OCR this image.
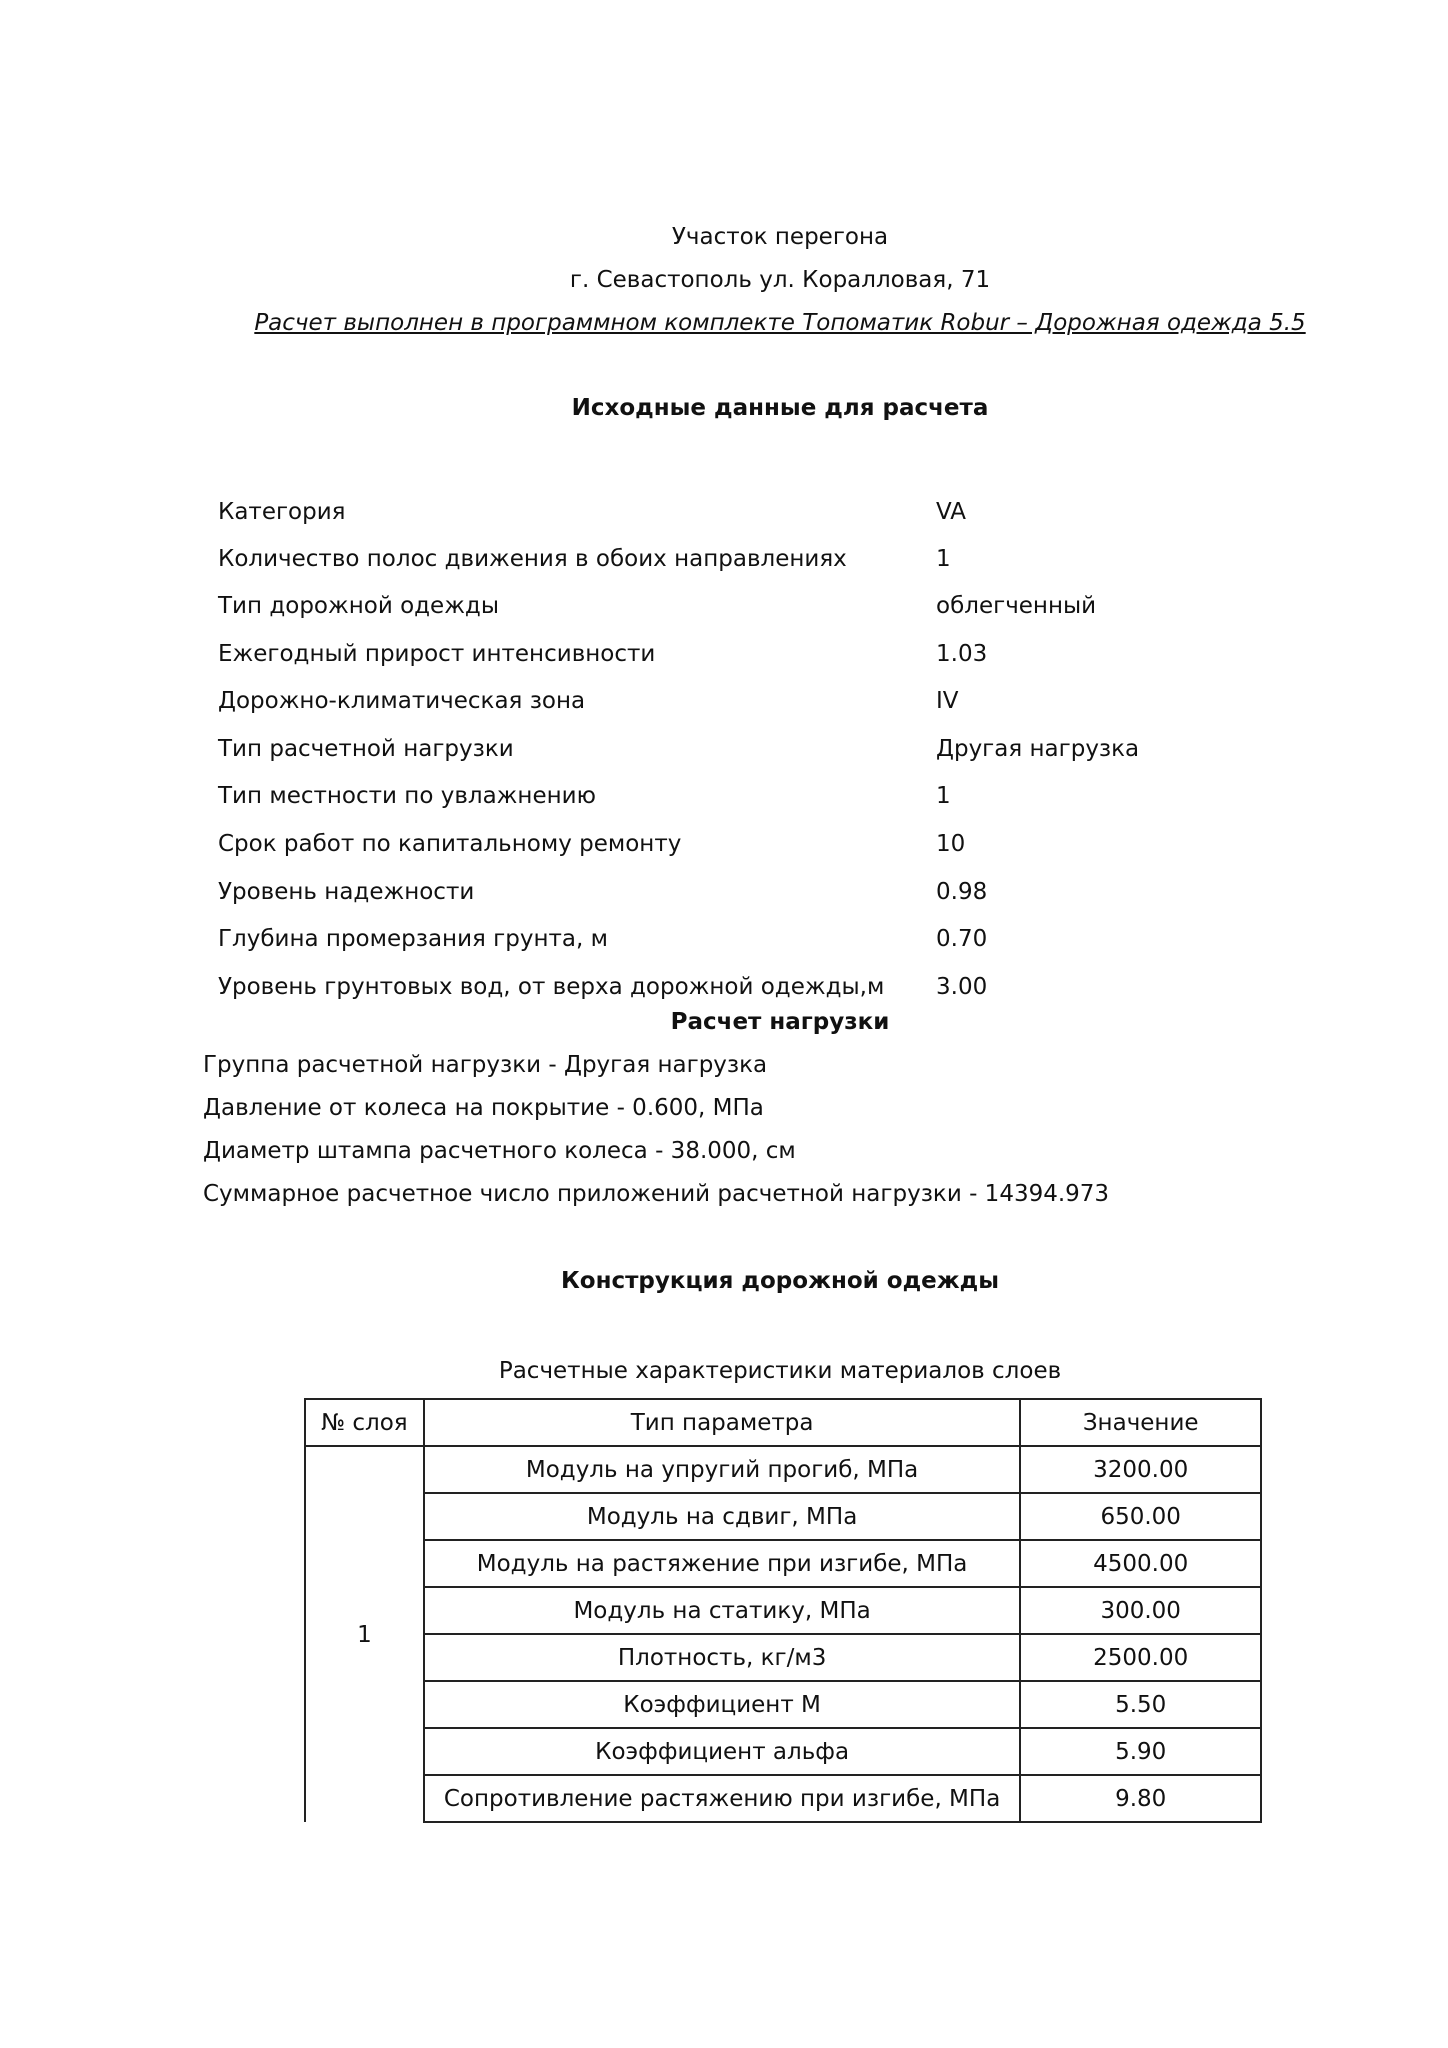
Участок перегона
г. Севастополь ул. Коралловая, 71
Расчет выполнен в программном комплекте Топоматик Robur – Дорожная одежда 5.5
Исходные данные для расчета
Категория	VA
Количество полос движения в обоих направлениях	1
Тип дорожной одежды	облегченный
Ежегодный прирост интенсивности	1.03
Дорожно-климатическая зона	IV
Тип расчетной нагрузки	Другая нагрузка
Тип местности по увлажнению	1
Срок работ по капитальному ремонту	10
Уровень надежности	0.98
Глубина промерзания грунта, м	0.70
Уровень грунтовых вод, от верха дорожной одежды,м 3.00
Расчет нагрузки
Группа расчетной нагрузки - Другая нагрузка
Давление от колеса на покрытие - 0.600, МПа
Диаметр штампа расчетного колеса - 38.000, см
Суммарное расчетное число приложений расчетной нагрузки - 14394.973
Конструкция дорожной одежды
Расчетные характеристики материалов слоев
№ слоя	Тип параметра	Значение
1	Модуль на упругий прогиб, МПа	3200.00
	Модуль на сдвиг, МПа	650.00
	Модуль на растяжение при изгибе, МПа	4500.00
	Модуль на статику, МПа	300.00
	Плотность, кг/м3	2500.00
	Коэффициент М	5.50
	Коэффициент альфа	5.90
	Сопротивление растяжению при изгибе, МПа	9.80
